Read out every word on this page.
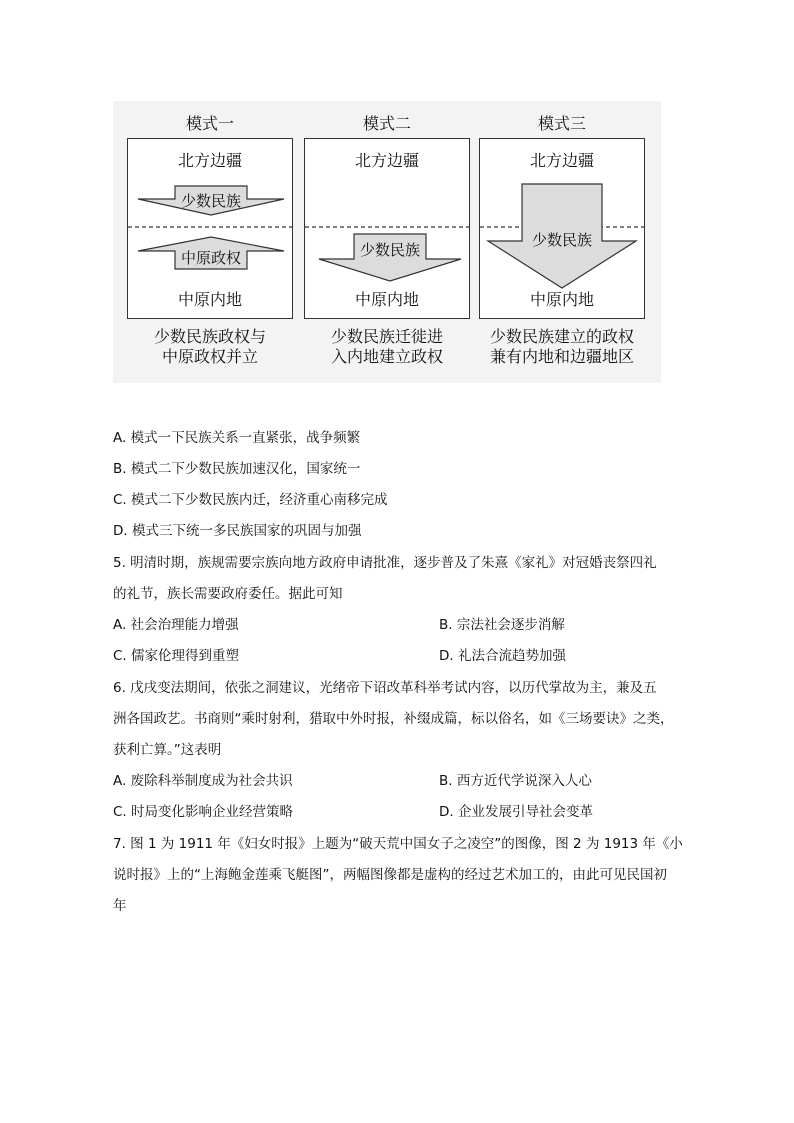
模式一
北方边疆
少数民族
中原政权
中原内地
少数民族政权与
中原政权并立
模式二
北方边疆
少数民族
中原内地
少数民族迁徙进
入内地建立政权
模式三
北方边疆
少数民族
中原内地
少数民族建立的政权
兼有内地和边疆地区
A. 模式一下民族关系一直紧张，战争频繁
B. 模式二下少数民族加速汉化，国家统一
C. 模式二下少数民族内迁，经济重心南移完成
D. 模式三下统一多民族国家的巩固与加强
5. 明清时期，族规需要宗族向地方政府申请批准，逐步普及了朱熹《家礼》对冠婚丧祭四礼
的礼节，族长需要政府委任。据此可知
A. 社会治理能力增强	B. 宗法社会逐步消解
C. 儒家伦理得到重塑	D. 礼法合流趋势加强
6. 戊戌变法期间，依张之洞建议，光绪帝下诏改革科举考试内容，以历代掌故为主，兼及五
洲各国政艺。书商则“乘时射利，猎取中外时报，补缀成篇，标以俗名，如《三场要诀》之类，
获利亡算。”这表明
A. 废除科举制度成为社会共识	B. 西方近代学说深入人心
C. 时局变化影响企业经营策略	D. 企业发展引导社会变革
7. 图 1 为 1911 年《妇女时报》上题为“破天荒中国女子之凌空”的图像，图 2 为 1913 年《小
说时报》上的“上海鲍金莲乘飞艇图”，两幅图像都是虚构的经过艺术加工的，由此可见民国初
年
